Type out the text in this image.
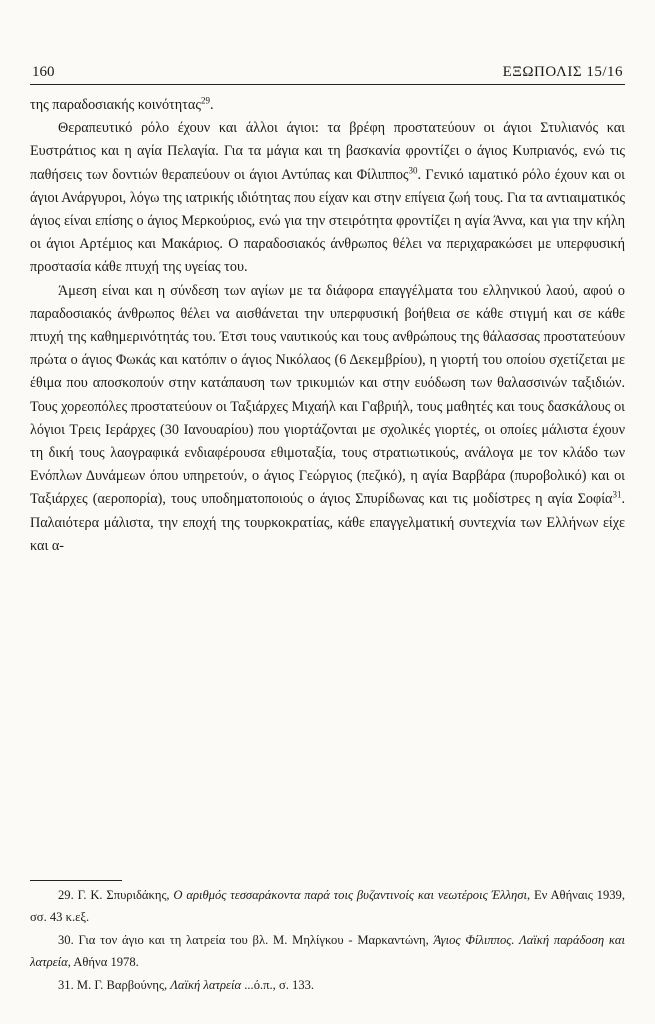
160	ΕΞΩΠΟΛΙΣ 15/16

της παραδοσιακής κοινότητας$^{29}$.

Θεραπευτικό ρόλο έχουν και άλλοι άγιοι: τα βρέφη προστατεύουν οι άγιοι Στυλιανός και Ευστράτιος και η αγία Πελαγία. Για τα μάγια και τη βασκανία φροντίζει ο άγιος Κυπριανός, ενώ τις παθήσεις των δοντιών θεραπεύουν οι άγιοι Αντύπας και Φίλιππος$^{30}$. Γενικό ιαματικό ρόλο έχουν και οι άγιοι Ανάργυροι, λόγω της ιατρικής ιδιότητας που είχαν και στην επίγεια ζωή τους. Για τα αντιαιματικός άγιος είναι επίσης ο άγιος Μερκούριος, ενώ για την στειρότητα φροντίζει η αγία Άννα, και για την κήλη οι άγιοι Αρτέμιος και Μακάριος. Ο παραδοσιακός άνθρωπος θέλει να περιχαρακώσει με υπερφυσική προστασία κάθε πτυχή της υγείας του.

Άμεση είναι και η σύνδεση των αγίων με τα διάφορα επαγγέλματα του ελληνικού λαού, αφού ο παραδοσιακός άνθρωπος θέλει να αισθάνεται την υπερφυσική βοήθεια σε κάθε στιγμή και σε κάθε πτυχή της καθημερινότητάς του. Έτσι τους ναυτικούς και τους ανθρώπους της θάλασσας προστατεύουν πρώτα ο άγιος Φωκάς και κατόπιν ο άγιος Νικόλαος (6 Δεκεμβρίου), η γιορτή του οποίου σχετίζεται με έθιμα που αποσκοπούν στην κατάπαυση των τρικυμιών και στην ευόδωση των θαλασσινών ταξιδιών. Τους χορεοπόλες προστατεύουν οι Ταξιάρχες Μιχαήλ και Γαβριήλ, τους μαθητές και τους δασκάλους οι λόγιοι Τρεις Ιεράρχες (30 Ιανουαρίου) που γιορτάζονται με σχολικές γιορτές, οι οποίες μάλιστα έχουν τη δική τους λαογραφικά ενδιαφέρουσα εθιμοταξία, τους στρατιωτικούς, ανάλογα με τον κλάδο των Ενόπλων Δυνάμεων όπου υπηρετούν, ο άγιος Γεώργιος (πεζικό), η αγία Βαρβάρα (πυροβολικό) και οι Ταξιάρχες (αεροπορία), τους υποδηματοποιούς ο άγιος Σπυρίδωνας και τις μοδίστρες η αγία Σοφία$^{31}$. Παλαιότερα μάλιστα, την εποχή της τουρκοκρατίας, κάθε επαγγελματική συντεχνία των Ελλήνων είχε και α-

29. Γ. Κ. Σπυριδάκης, Ο αριθμός τεσσαράκοντα παρά τοις βυζαντινοίς και νεωτέροις Έλλησι, Εν Αθήναις 1939, σσ. 43 κ.εξ.

30. Για τον άγιο και τη λατρεία του βλ. Μ. Μηλίγκου - Μαρκαντώνη, Άγιος Φίλιππος. Λαϊκή παράδοση και λατρεία, Αθήνα 1978.

31. Μ. Γ. Βαρβούνης, Λαϊκή λατρεία ...ό.π., σ. 133.
